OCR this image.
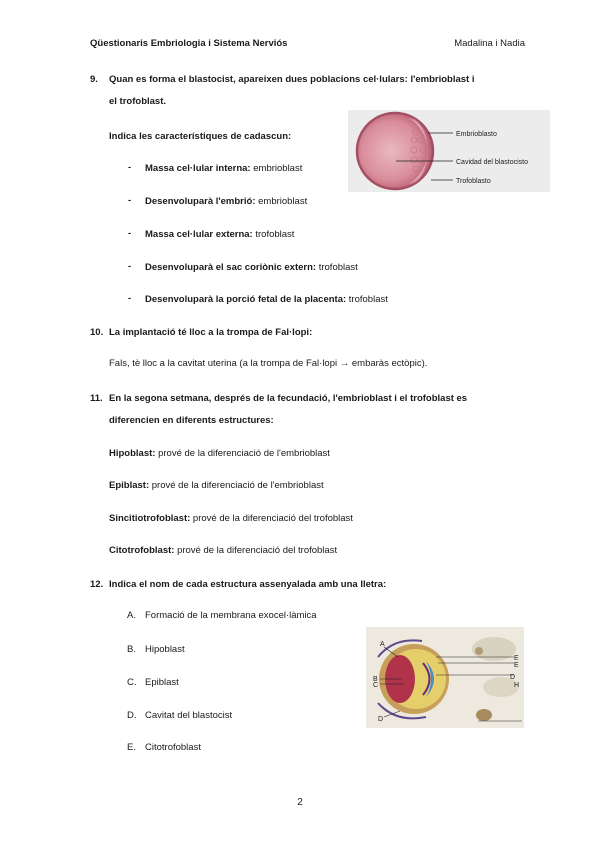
Qüestionaris Embriologia i Sistema Nerviós	Madalina i Nadia
9. Quan es forma el blastocist, apareixen dues poblacions cel·lulars: l'embrioblast i
el trofoblast.
Indica les característiques de cadascun:
- Massa cel·lular interna: embrioblast
- Desenvoluparà l'embrió: embrioblast
- Massa cel·lular externa: trofoblast
- Desenvoluparà el sac coriònic extern: trofoblast
- Desenvoluparà la porció fetal de la placenta: trofoblast
Embrioblasto
Cavidad del blastocisto
Trofoblasto
10. La implantació té lloc a la trompa de Fal·lopi:
Fals, tè lloc a la cavitat uterina (a la trompa de Fal·lopi → embaràs ectòpic).
11. En la segona setmana, després de la fecundació, l'embrioblast i el trofoblast es
diferencien en diferents estructures:
Hipoblast: prové de la diferenciació de l'embrioblast
Epiblast: prové de la diferenciació de l'embrioblast
Sincitiotrofoblast: prové de la diferenciació del trofoblast
Citotrofoblast: prové de la diferenciació del trofoblast
12. Indica el nom de cada estructura assenyalada amb una lletra:
A. Formació de la membrana exocel·làmica
B. Hipoblast
C. Epiblast
D. Cavitat del blastocist
E. Citotrofoblast
A
E
E
B
C
D
D
H
2
